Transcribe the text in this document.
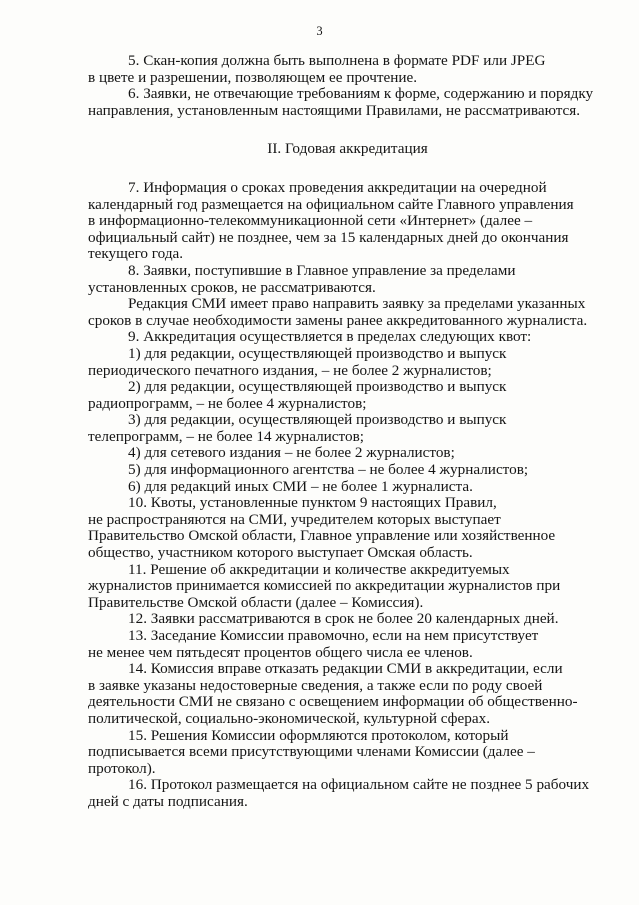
3

5. Скан-копия должна быть выполнена в формате PDF или JPEG
в цвете и разрешении, позволяющем ее прочтение.

6. Заявки, не отвечающие требованиям к форме, содержанию и порядку
направления, установленным настоящими Правилами, не рассматриваются.

II. Годовая аккредитация

7. Информация о сроках проведения аккредитации на очередной
календарный год размещается на официальном сайте Главного управления
в информационно-телекоммуникационной сети «Интернет» (далее –
официальный сайт) не позднее, чем за 15 календарных дней до окончания
текущего года.

8. Заявки, поступившие в Главное управление за пределами
установленных сроков, не рассматриваются.

Редакция СМИ имеет право направить заявку за пределами указанных
сроков в случае необходимости замены ранее аккредитованного журналиста.

9. Аккредитация осуществляется в пределах следующих квот:

1) для редакции, осуществляющей производство и выпуск
периодического печатного издания, – не более 2 журналистов;

2) для редакции, осуществляющей производство и выпуск
радиопрограмм, – не более 4 журналистов;

3) для редакции, осуществляющей производство и выпуск
телепрограмм, – не более 14 журналистов;

4) для сетевого издания – не более 2 журналистов;

5) для информационного агентства – не более 4 журналистов;

6) для редакций иных СМИ – не более 1 журналиста.

10. Квоты, установленные пунктом 9 настоящих Правил,
не распространяются на СМИ, учредителем которых выступает
Правительство Омской области, Главное управление или хозяйственное
общество, участником которого выступает Омская область.

11. Решение об аккредитации и количестве аккредитуемых
журналистов принимается комиссией по аккредитации журналистов при
Правительстве Омской области (далее – Комиссия).

12. Заявки рассматриваются в срок не более 20 календарных дней.

13. Заседание Комиссии правомочно, если на нем присутствует
не менее чем пятьдесят процентов общего числа ее членов.

14. Комиссия вправе отказать редакции СМИ в аккредитации, если
в заявке указаны недостоверные сведения, а также если по роду своей
деятельности СМИ не связано с освещением информации об общественно-
политической, социально-экономической, культурной сферах.

15. Решения Комиссии оформляются протоколом, который
подписывается всеми присутствующими членами Комиссии (далее –
протокол).

16. Протокол размещается на официальном сайте не позднее 5 рабочих
дней с даты подписания.
